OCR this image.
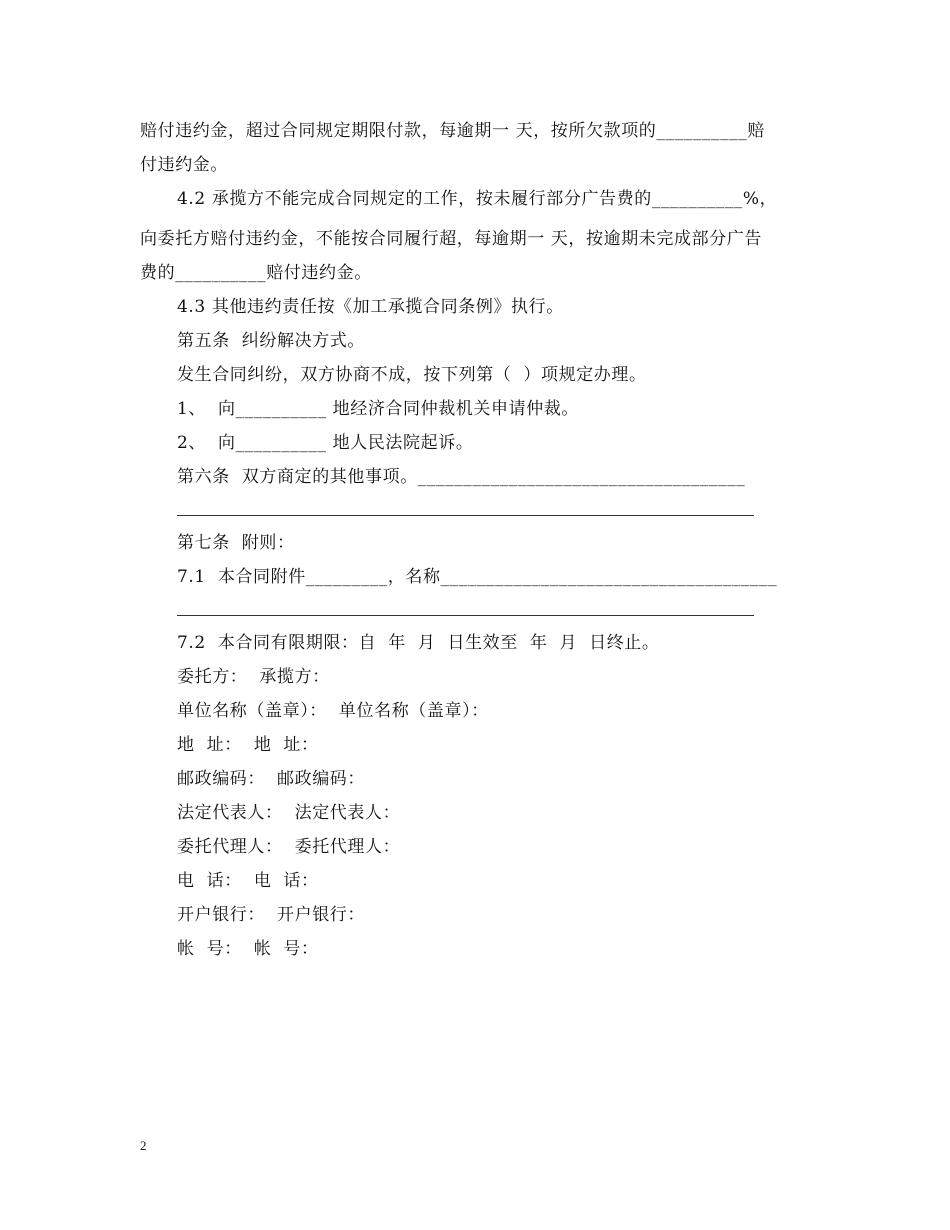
赔付违约金，超过合同规定期限付款，每逾期一 天，按所欠款项的__________赔
付违约金。
4.2 承揽方不能完成合同规定的工作，按未履行部分广告费的__________%，
向委托方赔付违约金，不能按合同履行超，每逾期一 天，按逾期未完成部分广告
费的__________赔付违约金。
4.3 其他违约责任按《加工承揽合同条例》执行。
第五条  纠纷解决方式。
发生合同纠纷，双方协商不成，按下列第（  ）项规定办理。
1、  向__________ 地经济合同仲裁机关申请仲裁。
2、  向__________ 地人民法院起诉。
第六条  双方商定的其他事项。____________________________________
第七条  附则：
7.1  本合同附件_________，名称_____________________________________
7.2  本合同有限期限：自  年  月  日生效至  年  月  日终止。
委托方：  承揽方：
单位名称（盖章）：  单位名称（盖章）：
地  址：  地  址：
邮政编码：  邮政编码：
法定代表人：  法定代表人：
委托代理人：  委托代理人：
电  话：  电  话：
开户银行：  开户银行：
帐  号：  帐  号：
2
